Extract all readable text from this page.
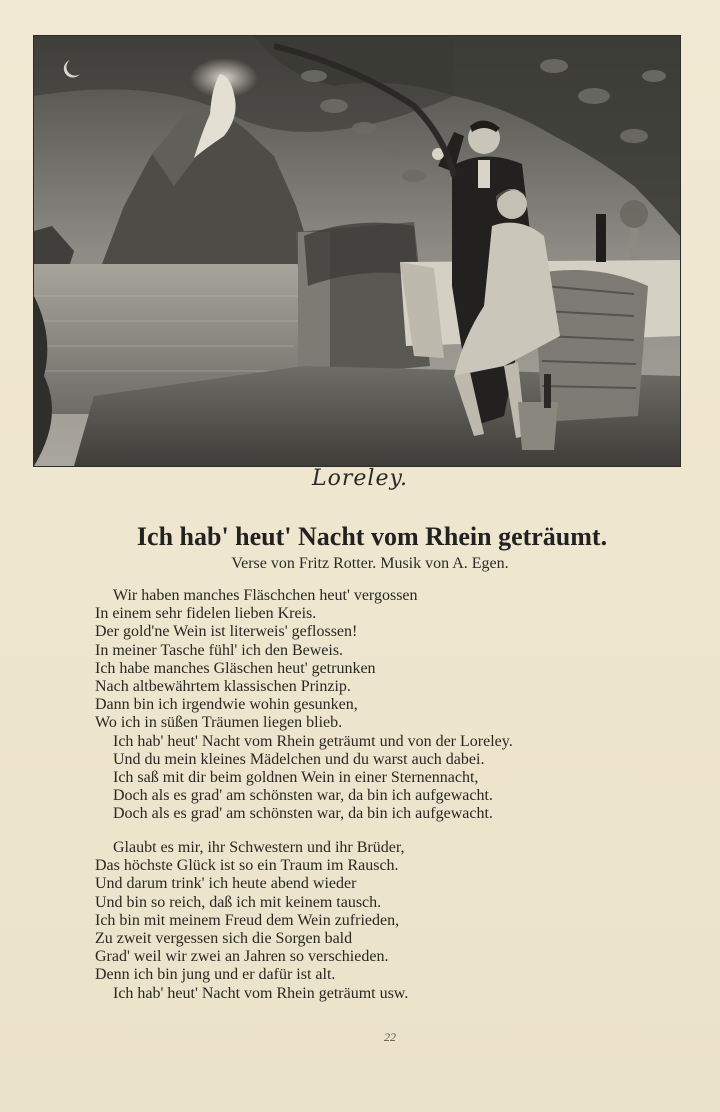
Loreley.
Ich hab' heut' Nacht vom Rhein geträumt.
Verse von Fritz Rotter. Musik von A. Egen.
Wir haben manches Fläschchen heut' vergossen
In einem sehr fidelen lieben Kreis.
Der gold'ne Wein ist literweis' geflossen!
In meiner Tasche fühl' ich den Beweis.
Ich habe manches Gläschen heut' getrunken
Nach altbewährtem klassischen Prinzip.
Dann bin ich irgendwie wohin gesunken,
Wo ich in süßen Träumen liegen blieb.
Ich hab' heut' Nacht vom Rhein geträumt und von der Loreley.
Und du mein kleines Mädelchen und du warst auch dabei.
Ich saß mit dir beim goldnen Wein in einer Sternennacht,
Doch als es grad' am schönsten war, da bin ich aufgewacht.
Doch als es grad' am schönsten war, da bin ich aufgewacht.
Glaubt es mir, ihr Schwestern und ihr Brüder,
Das höchste Glück ist so ein Traum im Rausch.
Und darum trink' ich heute abend wieder
Und bin so reich, daß ich mit keinem tausch.
Ich bin mit meinem Freud dem Wein zufrieden,
Zu zweit vergessen sich die Sorgen bald
Grad' weil wir zwei an Jahren so verschieden.
Denn ich bin jung und er dafür ist alt.
Ich hab' heut' Nacht vom Rhein geträumt usw.
22
